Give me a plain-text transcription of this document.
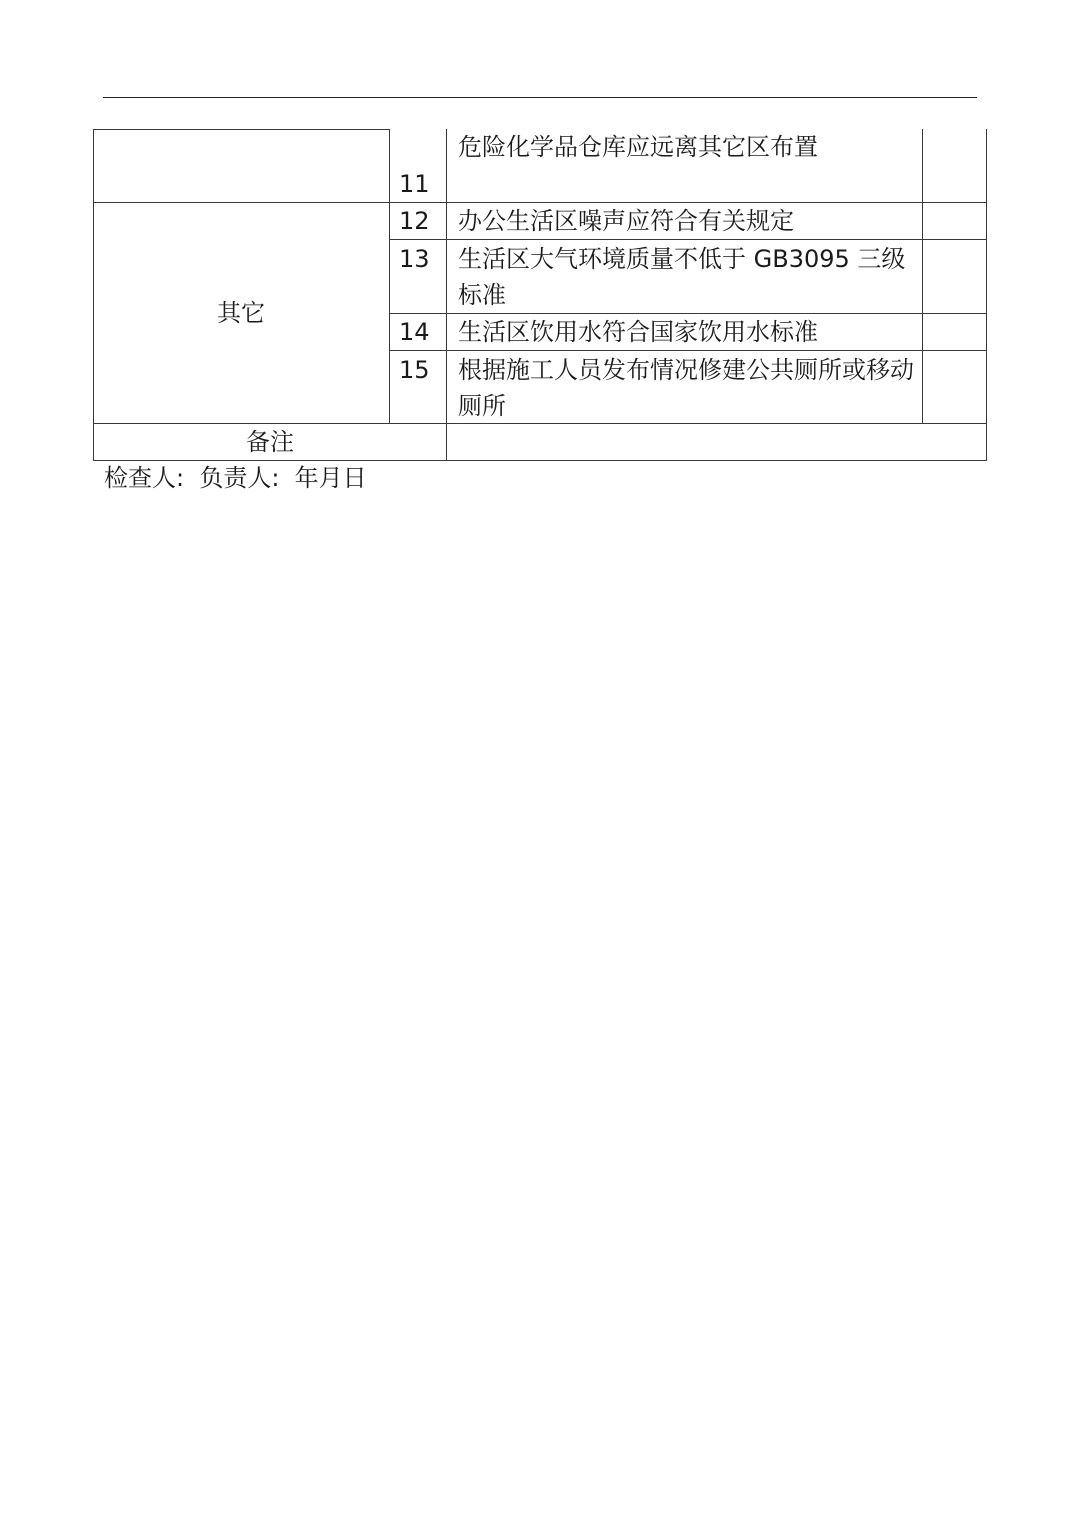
11
危险化学品仓库应远离其它区布置
其它
12 办公生活区噪声应符合有关规定
13 生活区大气环境质量不低于 GB3095 三级标准
14 生活区饮用水符合国家饮用水标准
15 根据施工人员发布情况修建公共厕所或移动厕所
备注
检查人:  负责人:  年月日
